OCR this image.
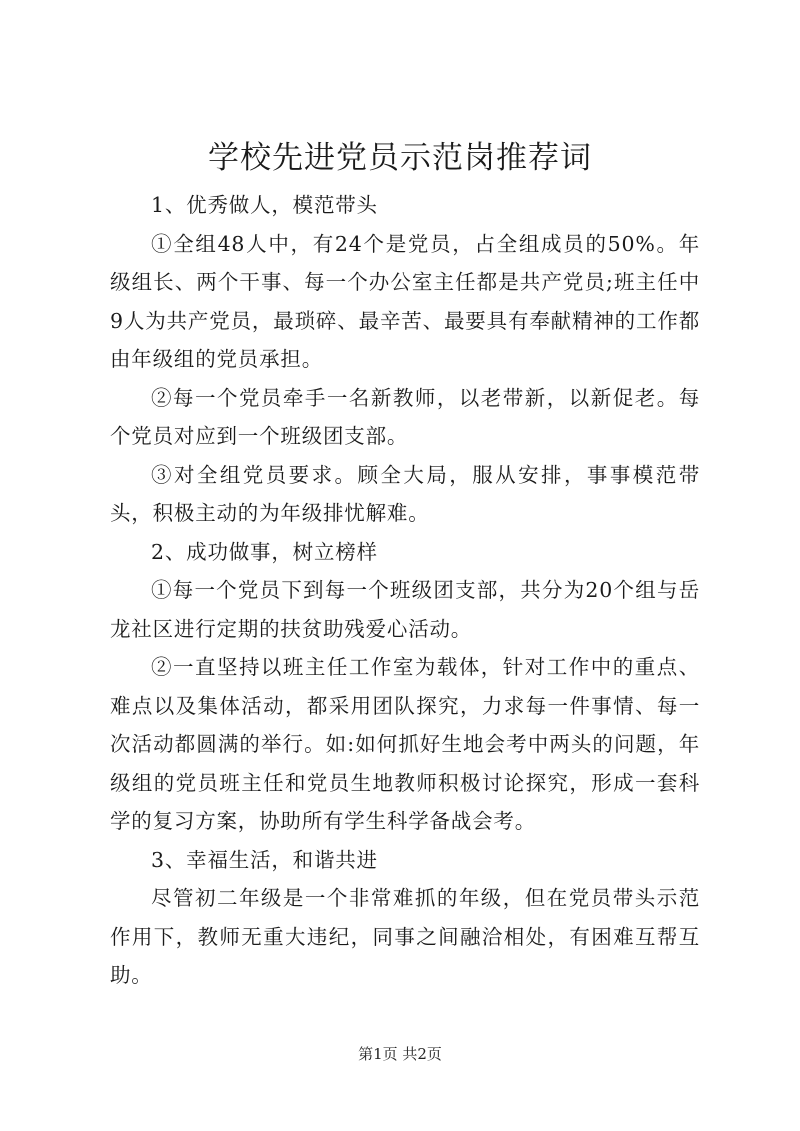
学校先进党员示范岗推荐词

1、优秀做人，模范带头

①全组48人中，有24个是党员，占全组成员的50%。年级组长、两个干事、每一个办公室主任都是共产党员;班主任中9人为共产党员，最琐碎、最辛苦、最要具有奉献精神的工作都由年级组的党员承担。

②每一个党员牵手一名新教师，以老带新，以新促老。每个党员对应到一个班级团支部。

③对全组党员要求。顾全大局，服从安排，事事模范带头，积极主动的为年级排忧解难。

2、成功做事，树立榜样

①每一个党员下到每一个班级团支部，共分为20个组与岳龙社区进行定期的扶贫助残爱心活动。

②一直坚持以班主任工作室为载体，针对工作中的重点、难点以及集体活动，都采用团队探究，力求每一件事情、每一次活动都圆满的举行。如:如何抓好生地会考中两头的问题，年级组的党员班主任和党员生地教师积极讨论探究，形成一套科学的复习方案，协助所有学生科学备战会考。

3、幸福生活，和谐共进

尽管初二年级是一个非常难抓的年级，但在党员带头示范作用下，教师无重大违纪，同事之间融洽相处，有困难互帮互助。

第1页 共2页
